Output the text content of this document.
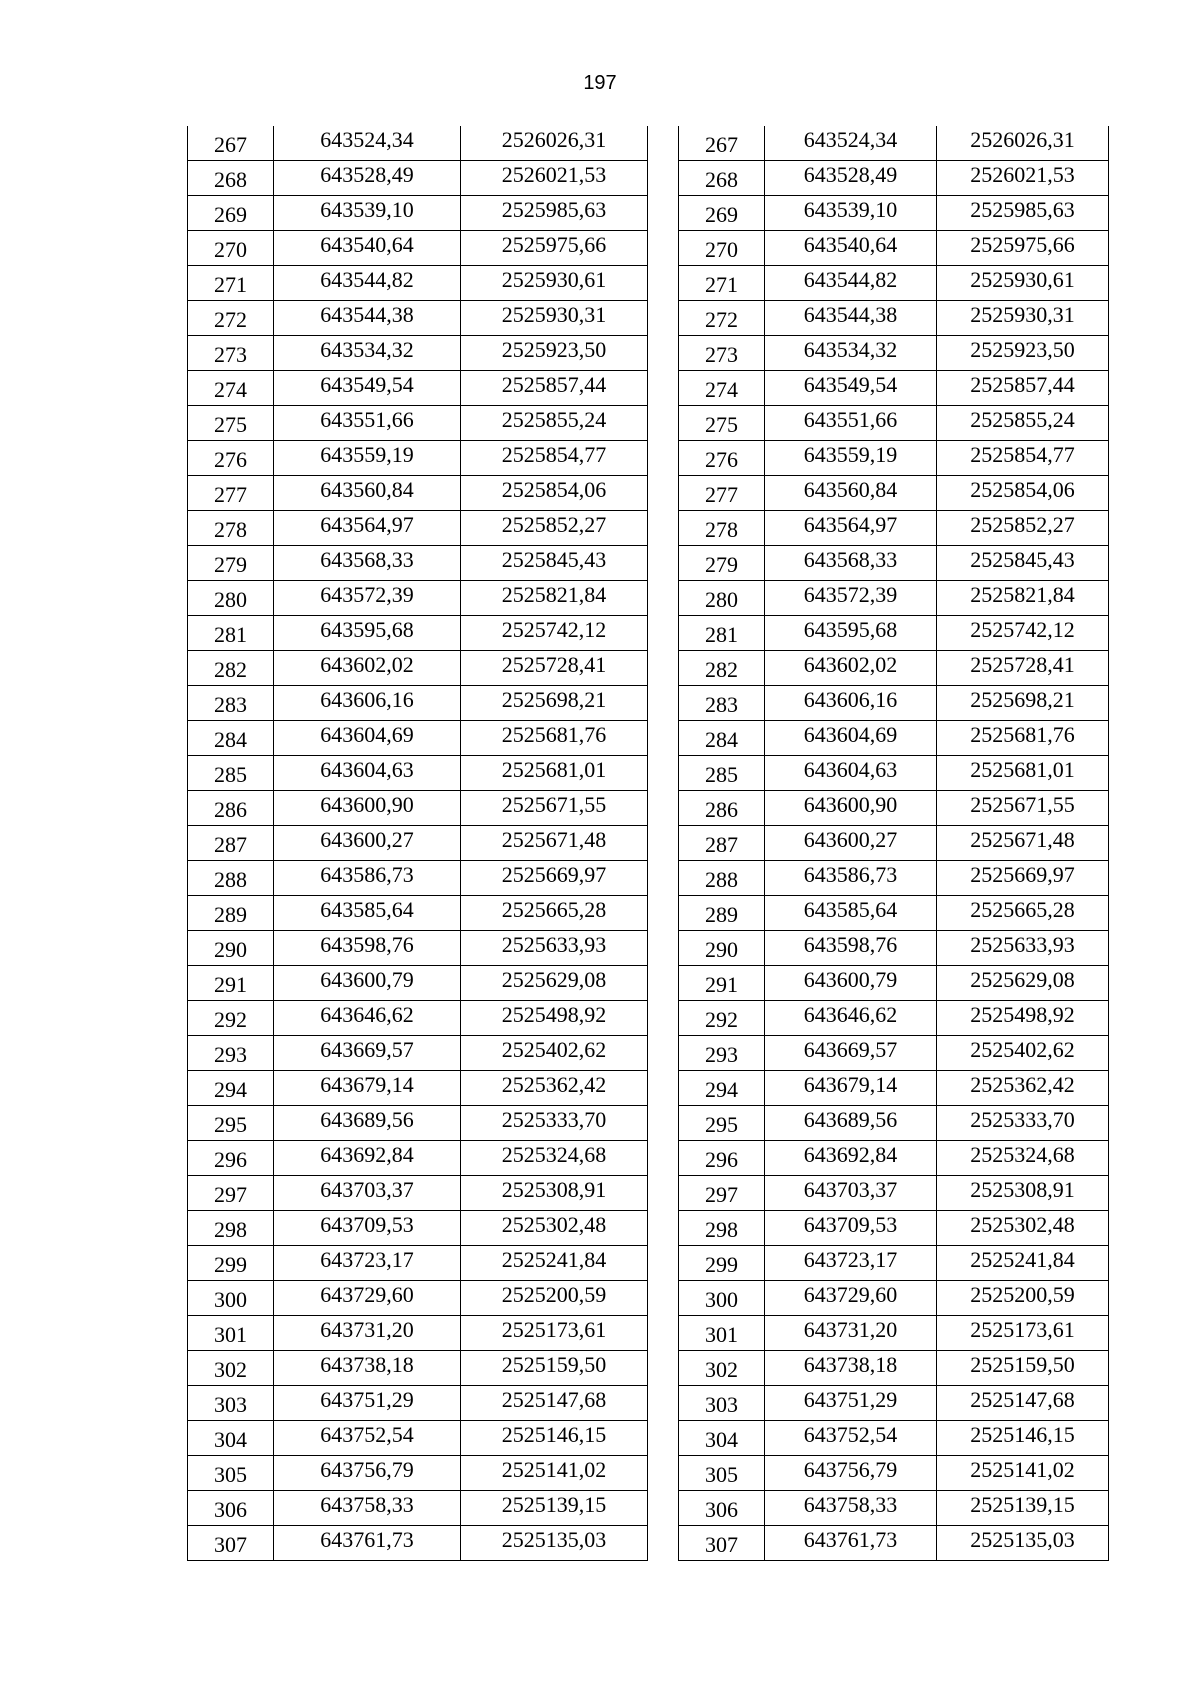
197
267	643524,34	2526026,31
268	643528,49	2526021,53
269	643539,10	2525985,63
270	643540,64	2525975,66
271	643544,82	2525930,61
272	643544,38	2525930,31
273	643534,32	2525923,50
274	643549,54	2525857,44
275	643551,66	2525855,24
276	643559,19	2525854,77
277	643560,84	2525854,06
278	643564,97	2525852,27
279	643568,33	2525845,43
280	643572,39	2525821,84
281	643595,68	2525742,12
282	643602,02	2525728,41
283	643606,16	2525698,21
284	643604,69	2525681,76
285	643604,63	2525681,01
286	643600,90	2525671,55
287	643600,27	2525671,48
288	643586,73	2525669,97
289	643585,64	2525665,28
290	643598,76	2525633,93
291	643600,79	2525629,08
292	643646,62	2525498,92
293	643669,57	2525402,62
294	643679,14	2525362,42
295	643689,56	2525333,70
296	643692,84	2525324,68
297	643703,37	2525308,91
298	643709,53	2525302,48
299	643723,17	2525241,84
300	643729,60	2525200,59
301	643731,20	2525173,61
302	643738,18	2525159,50
303	643751,29	2525147,68
304	643752,54	2525146,15
305	643756,79	2525141,02
306	643758,33	2525139,15
307	643761,73	2525135,03
267	643524,34	2526026,31
268	643528,49	2526021,53
269	643539,10	2525985,63
270	643540,64	2525975,66
271	643544,82	2525930,61
272	643544,38	2525930,31
273	643534,32	2525923,50
274	643549,54	2525857,44
275	643551,66	2525855,24
276	643559,19	2525854,77
277	643560,84	2525854,06
278	643564,97	2525852,27
279	643568,33	2525845,43
280	643572,39	2525821,84
281	643595,68	2525742,12
282	643602,02	2525728,41
283	643606,16	2525698,21
284	643604,69	2525681,76
285	643604,63	2525681,01
286	643600,90	2525671,55
287	643600,27	2525671,48
288	643586,73	2525669,97
289	643585,64	2525665,28
290	643598,76	2525633,93
291	643600,79	2525629,08
292	643646,62	2525498,92
293	643669,57	2525402,62
294	643679,14	2525362,42
295	643689,56	2525333,70
296	643692,84	2525324,68
297	643703,37	2525308,91
298	643709,53	2525302,48
299	643723,17	2525241,84
300	643729,60	2525200,59
301	643731,20	2525173,61
302	643738,18	2525159,50
303	643751,29	2525147,68
304	643752,54	2525146,15
305	643756,79	2525141,02
306	643758,33	2525139,15
307	643761,73	2525135,03
